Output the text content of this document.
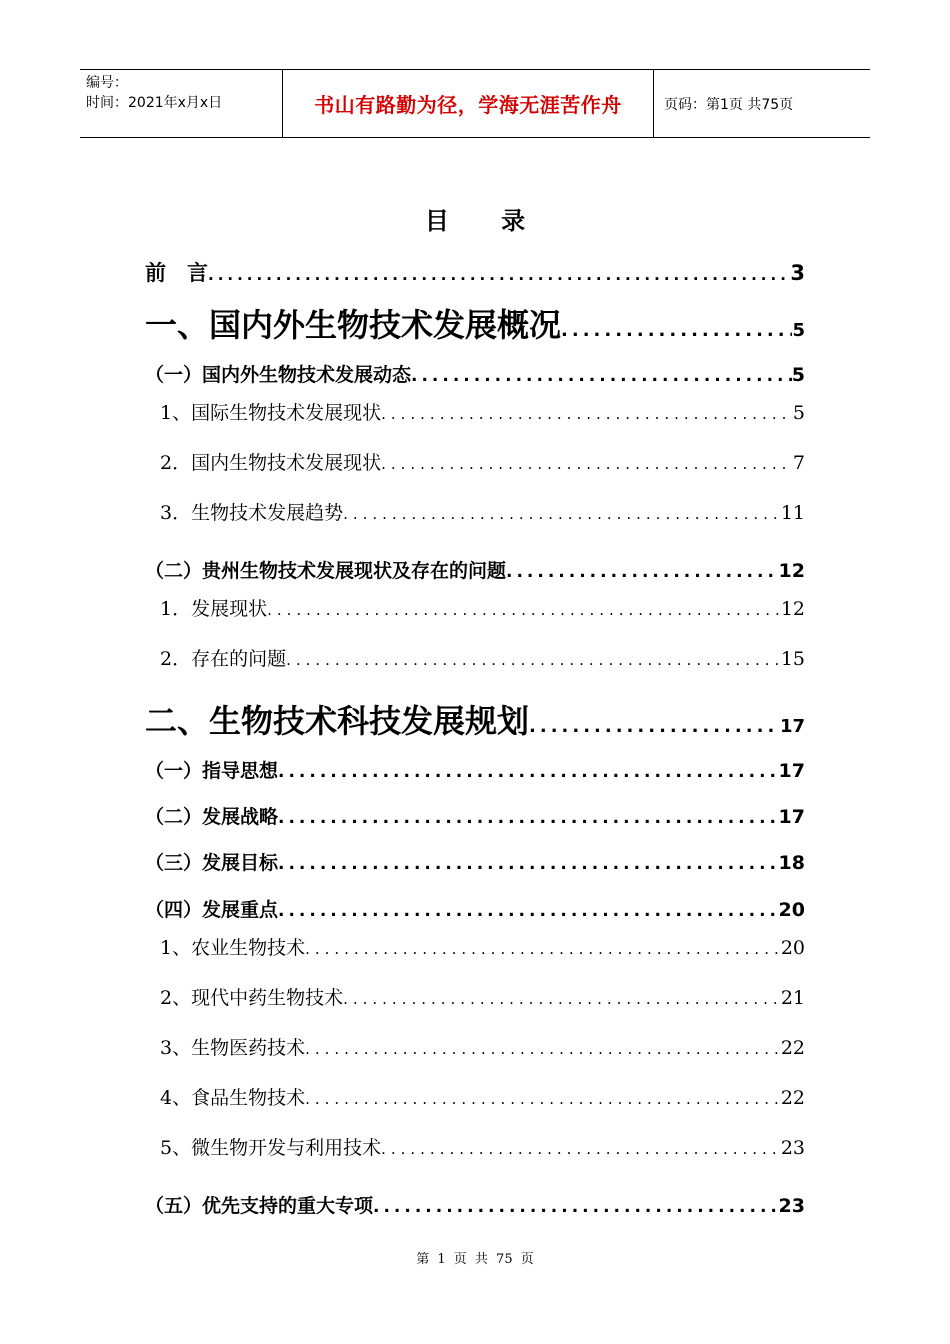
编号：
时间：2021年x月x日	书山有路勤为径，学海无涯苦作舟	页码：第1页 共75页
目 录
前　言 .....	3
一、国内外生物技术发展概况 .....	5
（一）国内外生物技术发展动态 .....	5
1、国际生物技术发展现状 .....	5
2．国内生物技术发展现状 .....	7
3．生物技术发展趋势 .....	11
（二）贵州生物技术发展现状及存在的问题 .....	12
1．发展现状 .....	12
2．存在的问题 .....	15
二、生物技术科技发展规划 .....	17
（一）指导思想 .....	17
（二）发展战略 .....	17
（三）发展目标 .....	18
（四）发展重点 .....	20
1、农业生物技术 .....	20
2、现代中药生物技术 .....	21
3、生物医药技术 .....	22
4、食品生物技术 .....	22
5、微生物开发与利用技术 .....	23
（五）优先支持的重大专项 .....	23
第 1 页 共 75 页
